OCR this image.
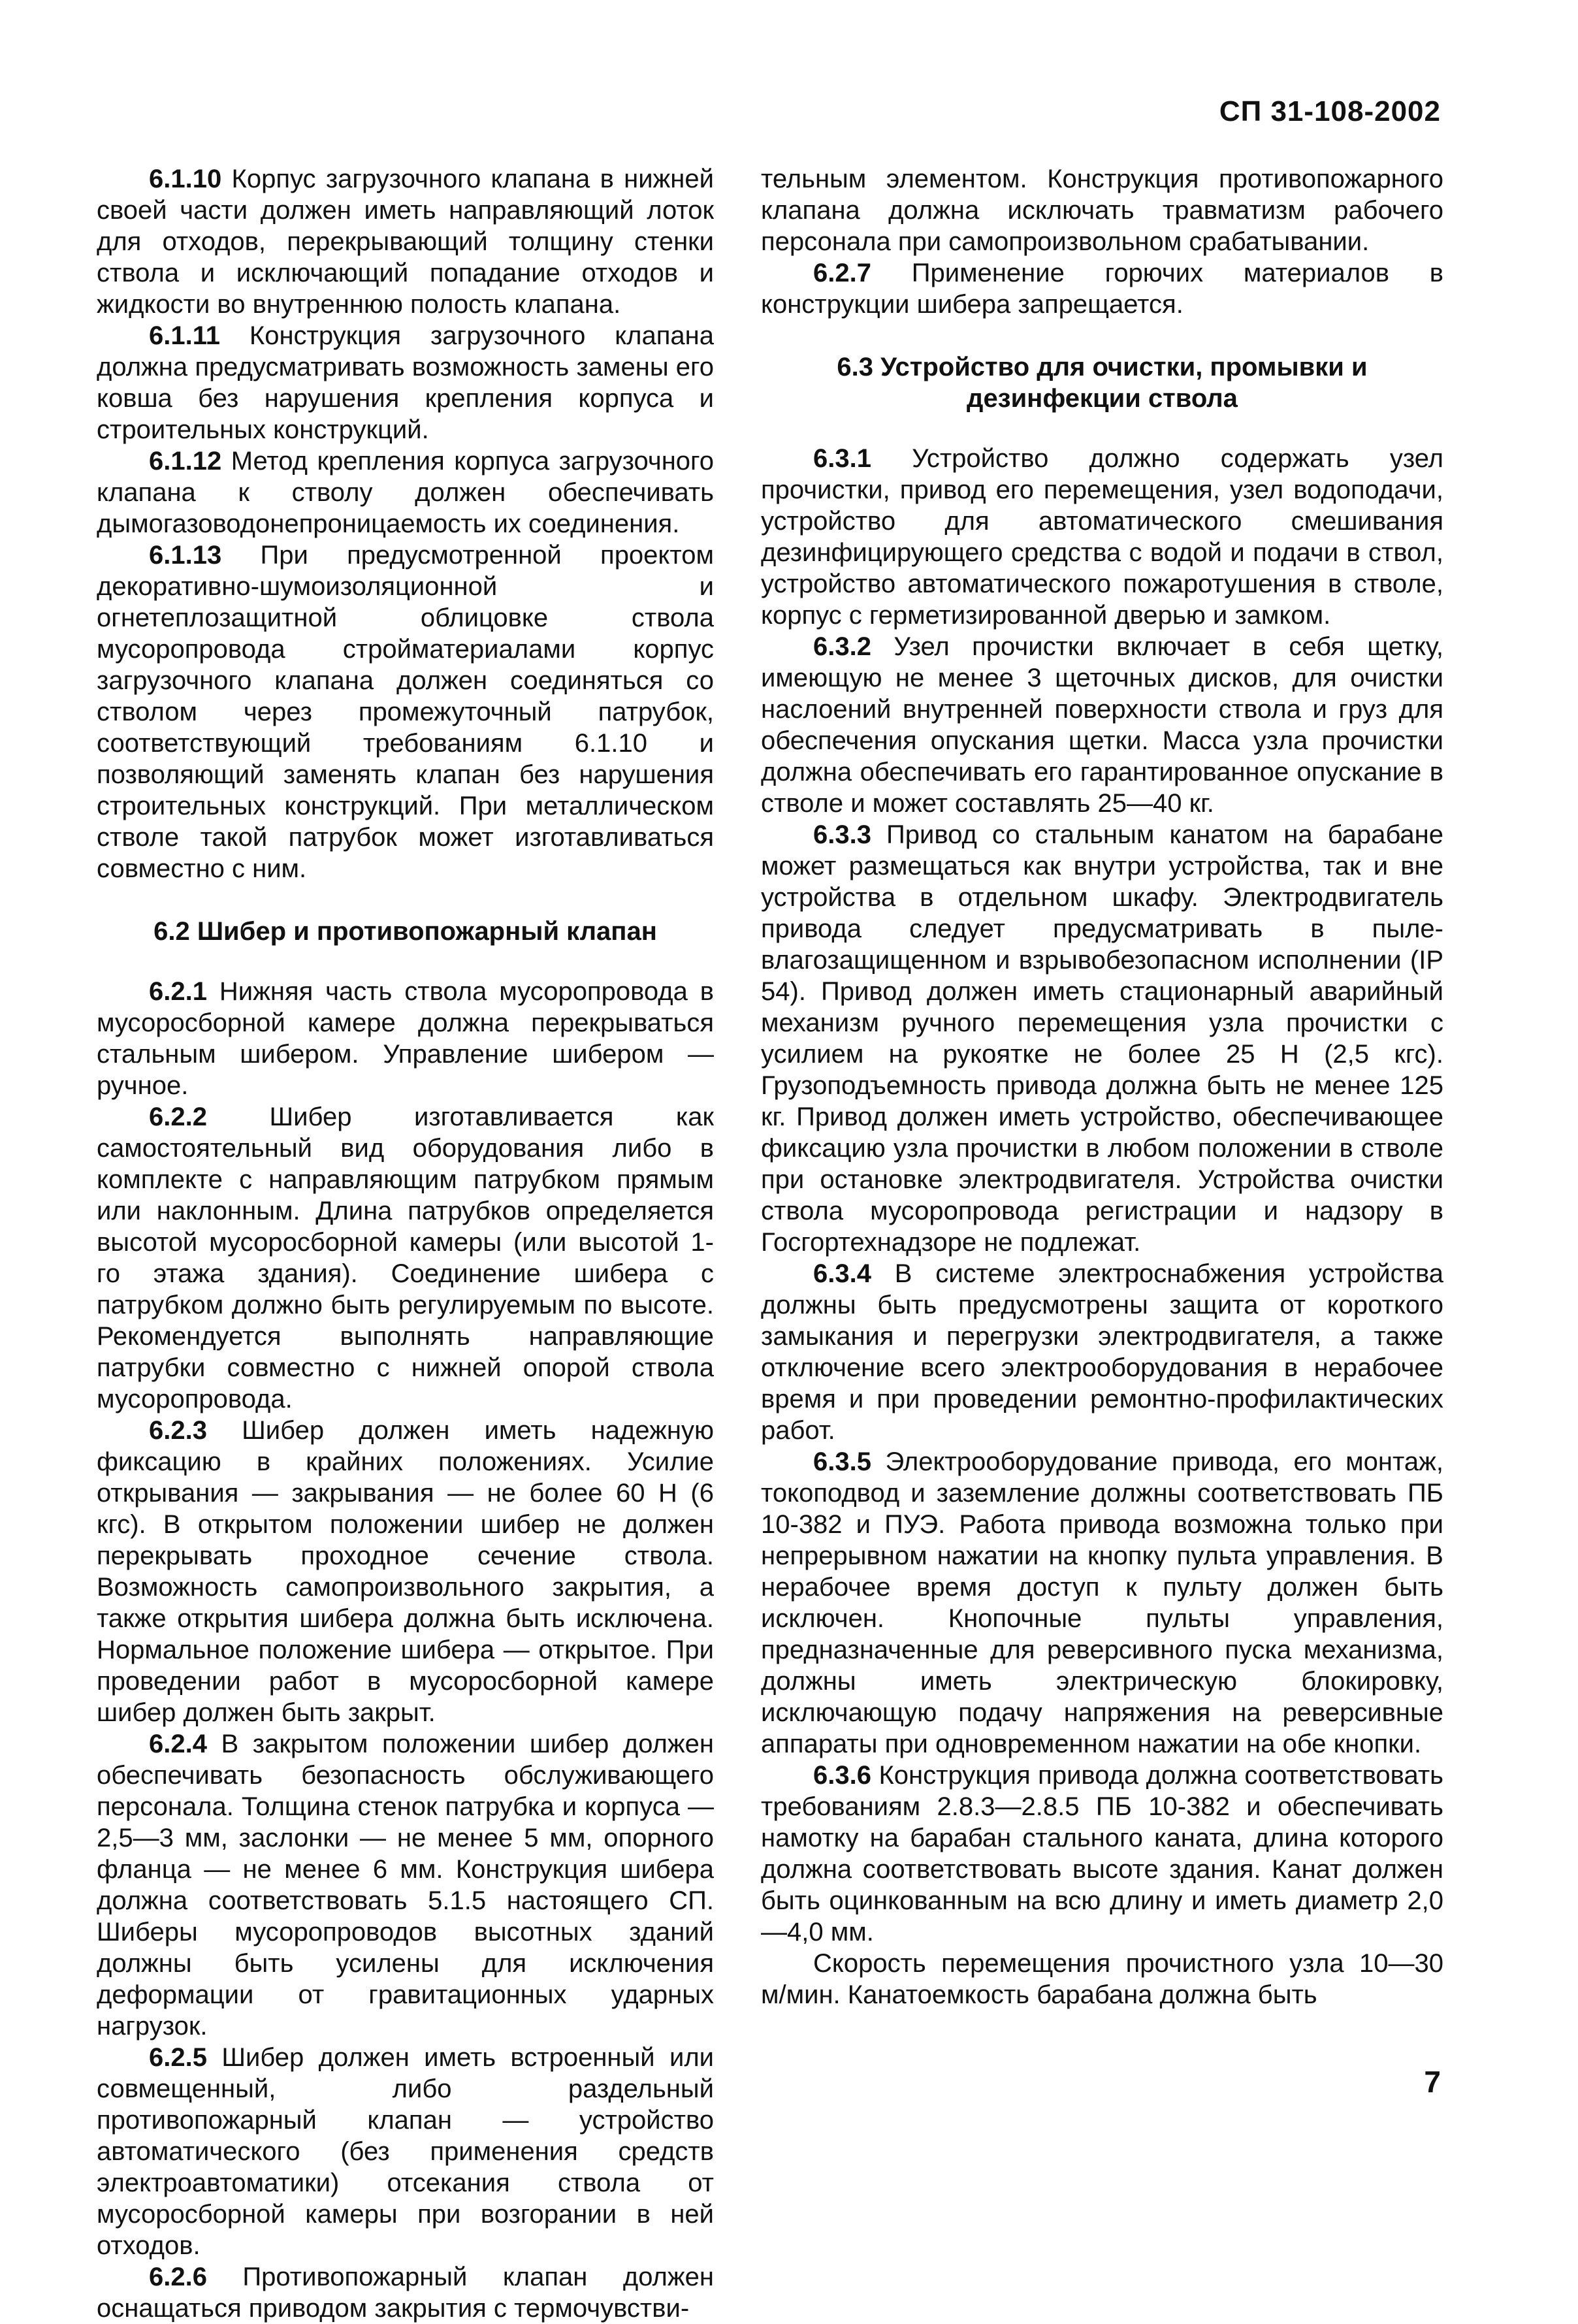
СП 31-108-2002

6.1.10 Корпус загрузочного клапана в нижней своей части должен иметь направляющий лоток для отходов, перекрывающий толщину стенки ствола и исключающий попадание отходов и жидкости во внутреннюю полость клапана.

6.1.11 Конструкция загрузочного клапана должна предусматривать возможность замены его ковша без нарушения крепления корпуса и строительных конструкций.

6.1.12 Метод крепления корпуса загрузочного клапана к стволу должен обеспечивать дымогазоводонепроницаемость их соединения.

6.1.13 При предусмотренной проектом декоративно-шумоизоляционной и огнетеплозащитной облицовке ствола мусоропровода стройматериалами корпус загрузочного клапана должен соединяться со стволом через промежуточный патрубок, соответствующий требованиям 6.1.10 и позволяющий заменять клапан без нарушения строительных конструкций. При металлическом стволе такой патрубок может изготавливаться совместно с ним.

6.2 Шибер и противопожарный клапан

6.2.1 Нижняя часть ствола мусоропровода в мусоросборной камере должна перекрываться стальным шибером. Управление шибером — ручное.

6.2.2 Шибер изготавливается как самостоятельный вид оборудования либо в комплекте с направляющим патрубком прямым или наклонным. Длина патрубков определяется высотой мусоросборной камеры (или высотой 1-го этажа здания). Соединение шибера с патрубком должно быть регулируемым по высоте. Рекомендуется выполнять направляющие патрубки совместно с нижней опорой ствола мусоропровода.

6.2.3 Шибер должен иметь надежную фиксацию в крайних положениях. Усилие открывания — закрывания — не более 60 Н (6 кгс). В открытом положении шибер не должен перекрывать проходное сечение ствола. Возможность самопроизвольного закрытия, а также открытия шибера должна быть исключена. Нормальное положение шибера — открытое. При проведении работ в мусоросборной камере шибер должен быть закрыт.

6.2.4 В закрытом положении шибер должен обеспечивать безопасность обслуживающего персонала. Толщина стенок патрубка и корпуса — 2,5—3 мм, заслонки — не менее 5 мм, опорного фланца — не менее 6 мм. Конструкция шибера должна соответствовать 5.1.5 настоящего СП. Шиберы мусоропроводов высотных зданий должны быть усилены для исключения деформации от гравитационных ударных нагрузок.

6.2.5 Шибер должен иметь встроенный или совмещенный, либо раздельный противопожарный клапан — устройство автоматического (без применения средств электроавтоматики) отсекания ствола от мусоросборной камеры при возгорании в ней отходов.

6.2.6 Противопожарный клапан должен оснащаться приводом закрытия с термочувстви-

тельным элементом. Конструкция противопожарного клапана должна исключать травматизм рабочего персонала при самопроизвольном срабатывании.

6.2.7 Применение горючих материалов в конструкции шибера запрещается.

6.3 Устройство для очистки, промывки и дезинфекции ствола

6.3.1 Устройство должно содержать узел прочистки, привод его перемещения, узел водоподачи, устройство для автоматического смешивания дезинфицирующего средства с водой и подачи в ствол, устройство автоматического пожаротушения в стволе, корпус с герметизированной дверью и замком.

6.3.2 Узел прочистки включает в себя щетку, имеющую не менее 3 щеточных дисков, для очистки наслоений внутренней поверхности ствола и груз для обеспечения опускания щетки. Масса узла прочистки должна обеспечивать его гарантированное опускание в стволе и может составлять 25—40 кг.

6.3.3 Привод со стальным канатом на барабане может размещаться как внутри устройства, так и вне устройства в отдельном шкафу. Электродвигатель привода следует предусматривать в пыле-влагозащищенном и взрывобезопасном исполнении (IP 54). Привод должен иметь стационарный аварийный механизм ручного перемещения узла прочистки с усилием на рукоятке не более 25 Н (2,5 кгс). Грузоподъемность привода должна быть не менее 125 кг. Привод должен иметь устройство, обеспечивающее фиксацию узла прочистки в любом положении в стволе при остановке электродвигателя. Устройства очистки ствола мусоропровода регистрации и надзору в Госгортехнадзоре не подлежат.

6.3.4 В системе электроснабжения устройства должны быть предусмотрены защита от короткого замыкания и перегрузки электродвигателя, а также отключение всего электрооборудования в нерабочее время и при проведении ремонтно-профилактических работ.

6.3.5 Электрооборудование привода, его монтаж, токоподвод и заземление должны соответствовать ПБ 10-382 и ПУЭ. Работа привода возможна только при непрерывном нажатии на кнопку пульта управления. В нерабочее время доступ к пульту должен быть исключен. Кнопочные пульты управления, предназначенные для реверсивного пуска механизма, должны иметь электрическую блокировку, исключающую подачу напряжения на реверсивные аппараты при одновременном нажатии на обе кнопки.

6.3.6 Конструкция привода должна соответствовать требованиям 2.8.3—2.8.5 ПБ 10-382 и обеспечивать намотку на барабан стального каната, длина которого должна соответствовать высоте здания. Канат должен быть оцинкованным на всю длину и иметь диаметр 2,0—4,0 мм.

Скорость перемещения прочистного узла 10—30 м/мин. Канатоемкость барабана должна быть

7
